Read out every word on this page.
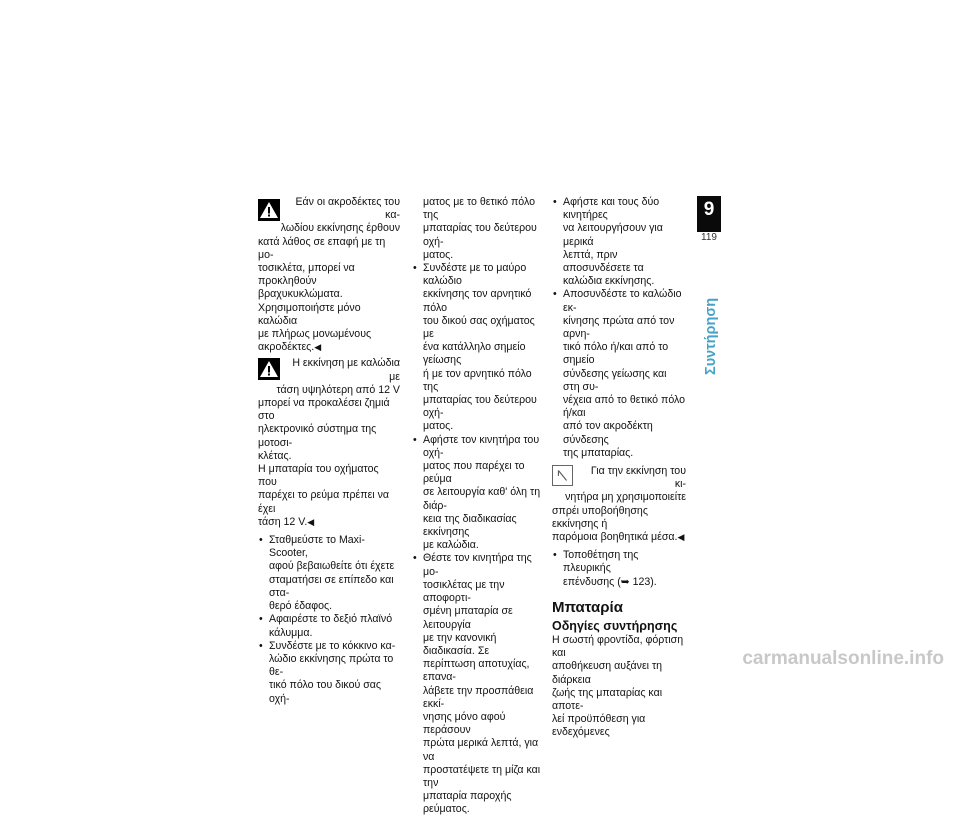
Εάν οι ακροδέκτες του κα-

λωδίου εκκίνησης έρθουν

κατά λάθος σε επαφή με τη μο-

τοσικλέτα, μπορεί να προκληθούν

βραχυκυκλώματα.

Χρησιμοποιήστε μόνο καλώδια

με πλήρως μονωμένους

ακροδέκτες.◀

Η εκκίνηση με καλώδια με

τάση υψηλότερη από 12 V

μπορεί να προκαλέσει ζημιά στο

ηλεκτρονικό σύστημα της μοτοσι-

κλέτας.

Η μπαταρία του οχήματος που

παρέχει το ρεύμα πρέπει να έχει

τάση 12 V.◀

• Σταθμεύστε το Maxi-Scooter,

αφού βεβαιωθείτε ότι έχετε

σταματήσει σε επίπεδο και στα-

θερό έδαφος.

• Αφαιρέστε το δεξιό πλαϊνό

κάλυμμα.

• Συνδέστε με το κόκκινο κα-

λώδιο εκκίνησης πρώτα το θε-

τικό πόλο του δικού σας οχή-

ματος με το θετικό πόλο της

μπαταρίας του δεύτερου οχή-

ματος.

• Συνδέστε με το μαύρο καλώδιο

εκκίνησης τον αρνητικό πόλο

του δικού σας οχήματος με

ένα κατάλληλο σημείο γείωσης

ή με τον αρνητικό πόλο της

μπαταρίας του δεύτερου οχή-

ματος.

• Αφήστε τον κινητήρα του οχή-

ματος που παρέχει το ρεύμα

σε λειτουργία καθ' όλη τη διάρ-

κεια της διαδικασίας εκκίνησης

με καλώδια.

• Θέστε τον κινητήρα της μο-

τοσικλέτας με την αποφορτι-

σμένη μπαταρία σε λειτουργία

με την κανονική διαδικασία. Σε

περίπτωση αποτυχίας, επανα-

λάβετε την προσπάθεια εκκί-

νησης μόνο αφού περάσουν

πρώτα μερικά λεπτά, για να

προστατέψετε τη μίζα και την

μπαταρία παροχής ρεύματος.

• Αφήστε και τους δύο κινητήρες

να λειτουργήσουν για μερικά

λεπτά, πριν αποσυνδέσετε τα

καλώδια εκκίνησης.

• Αποσυνδέστε το καλώδιο εκ-

κίνησης πρώτα από τον αρνη-

τικό πόλο ή/και από το σημείο

σύνδεσης γείωσης και στη συ-

νέχεια από το θετικό πόλο ή/και

από τον ακροδέκτη σύνδεσης

της μπαταρίας.

Για την εκκίνηση του κι-

νητήρα μη χρησιμοποιείτε

σπρέι υποβοήθησης εκκίνησης ή

παρόμοια βοηθητικά μέσα.◀

• Τοποθέτηση της πλευρικής

επένδυσης (➥ 123).

Μπαταρία

Οδηγίες συντήρησης

Η σωστή φροντίδα, φόρτιση και

αποθήκευση αυξάνει τη διάρκεια

ζωής της μπαταρίας και αποτε-

λεί προϋπόθεση για ενδεχόμενες

9
119
Συντήρηση
carmanualsonline.info
